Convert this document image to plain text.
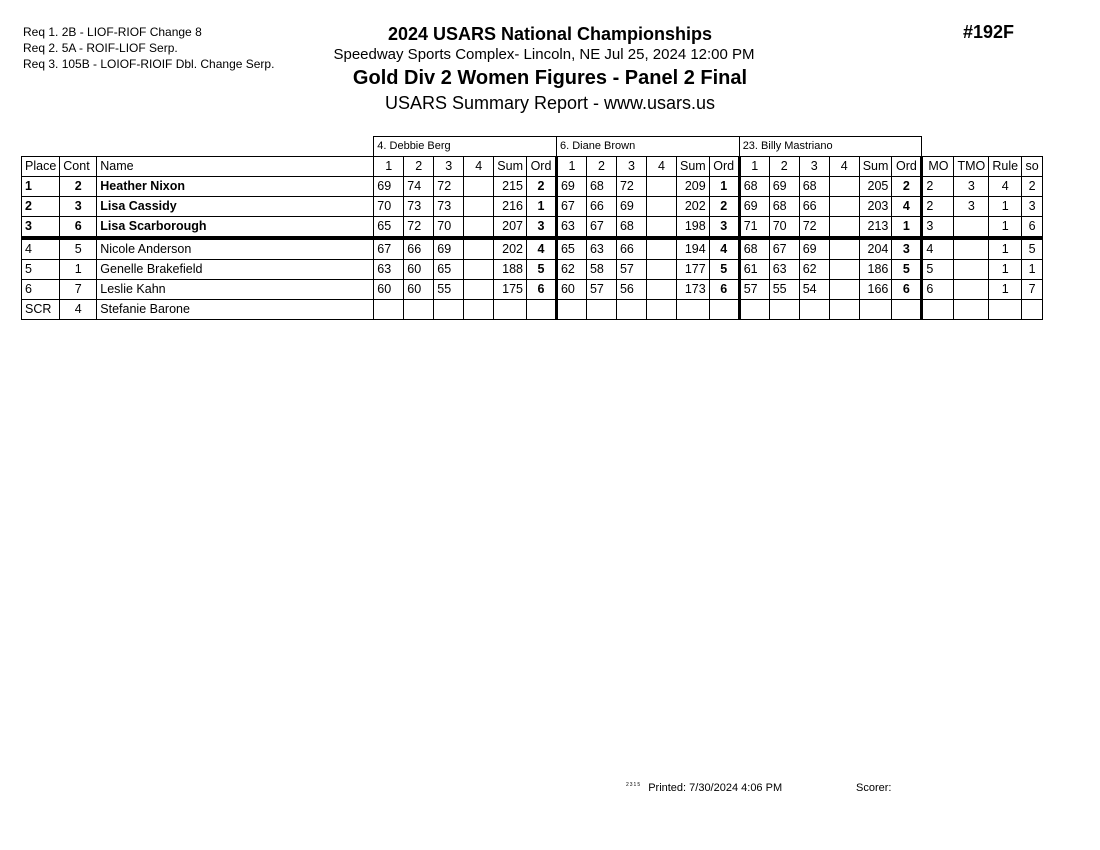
Req 1. 2B - LIOF-RIOF Change 8
Req 2. 5A - ROIF-LIOF Serp.
Req 3. 105B - LOIOF-RIOIF Dbl. Change Serp.
2024 USARS National Championships
Speedway Sports Complex- Lincoln, NE Jul 25, 2024 12:00 PM
Gold Div 2 Women Figures - Panel 2 Final
USARS Summary Report - www.usars.us
#192F
			4. Debbie Berg						6. Diane Brown						23. Billy Mastriano									
Place	Cont	Name	1	2	3	4	Sum	Ord	1	2	3	4	Sum	Ord	1	2	3	4	Sum	Ord	MO	TMO	Rule	so
1	2	Heather Nixon	69	74	72		215	2	69	68	72		209	1	68	69	68		205	2	2	3	4	2
2	3	Lisa Cassidy	70	73	73		216	1	67	66	69		202	2	69	68	66		203	4	2	3	1	3
3	6	Lisa Scarborough	65	72	70		207	3	63	67	68		198	3	71	70	72		213	1	3		1	6
4	5	Nicole Anderson	67	66	69		202	4	65	63	66		194	4	68	67	69		204	3	4		1	5
5	1	Genelle Brakefield	63	60	65		188	5	62	58	57		177	5	61	63	62		186	5	5		1	1
6	7	Leslie Kahn	60	60	55		175	6	60	57	56		173	6	57	55	54		166	6	6		1	7
SCR	4	Stefanie Barone																						
$^{2315}$ Printed: 7/30/2024 4:06 PM	Scorer:
